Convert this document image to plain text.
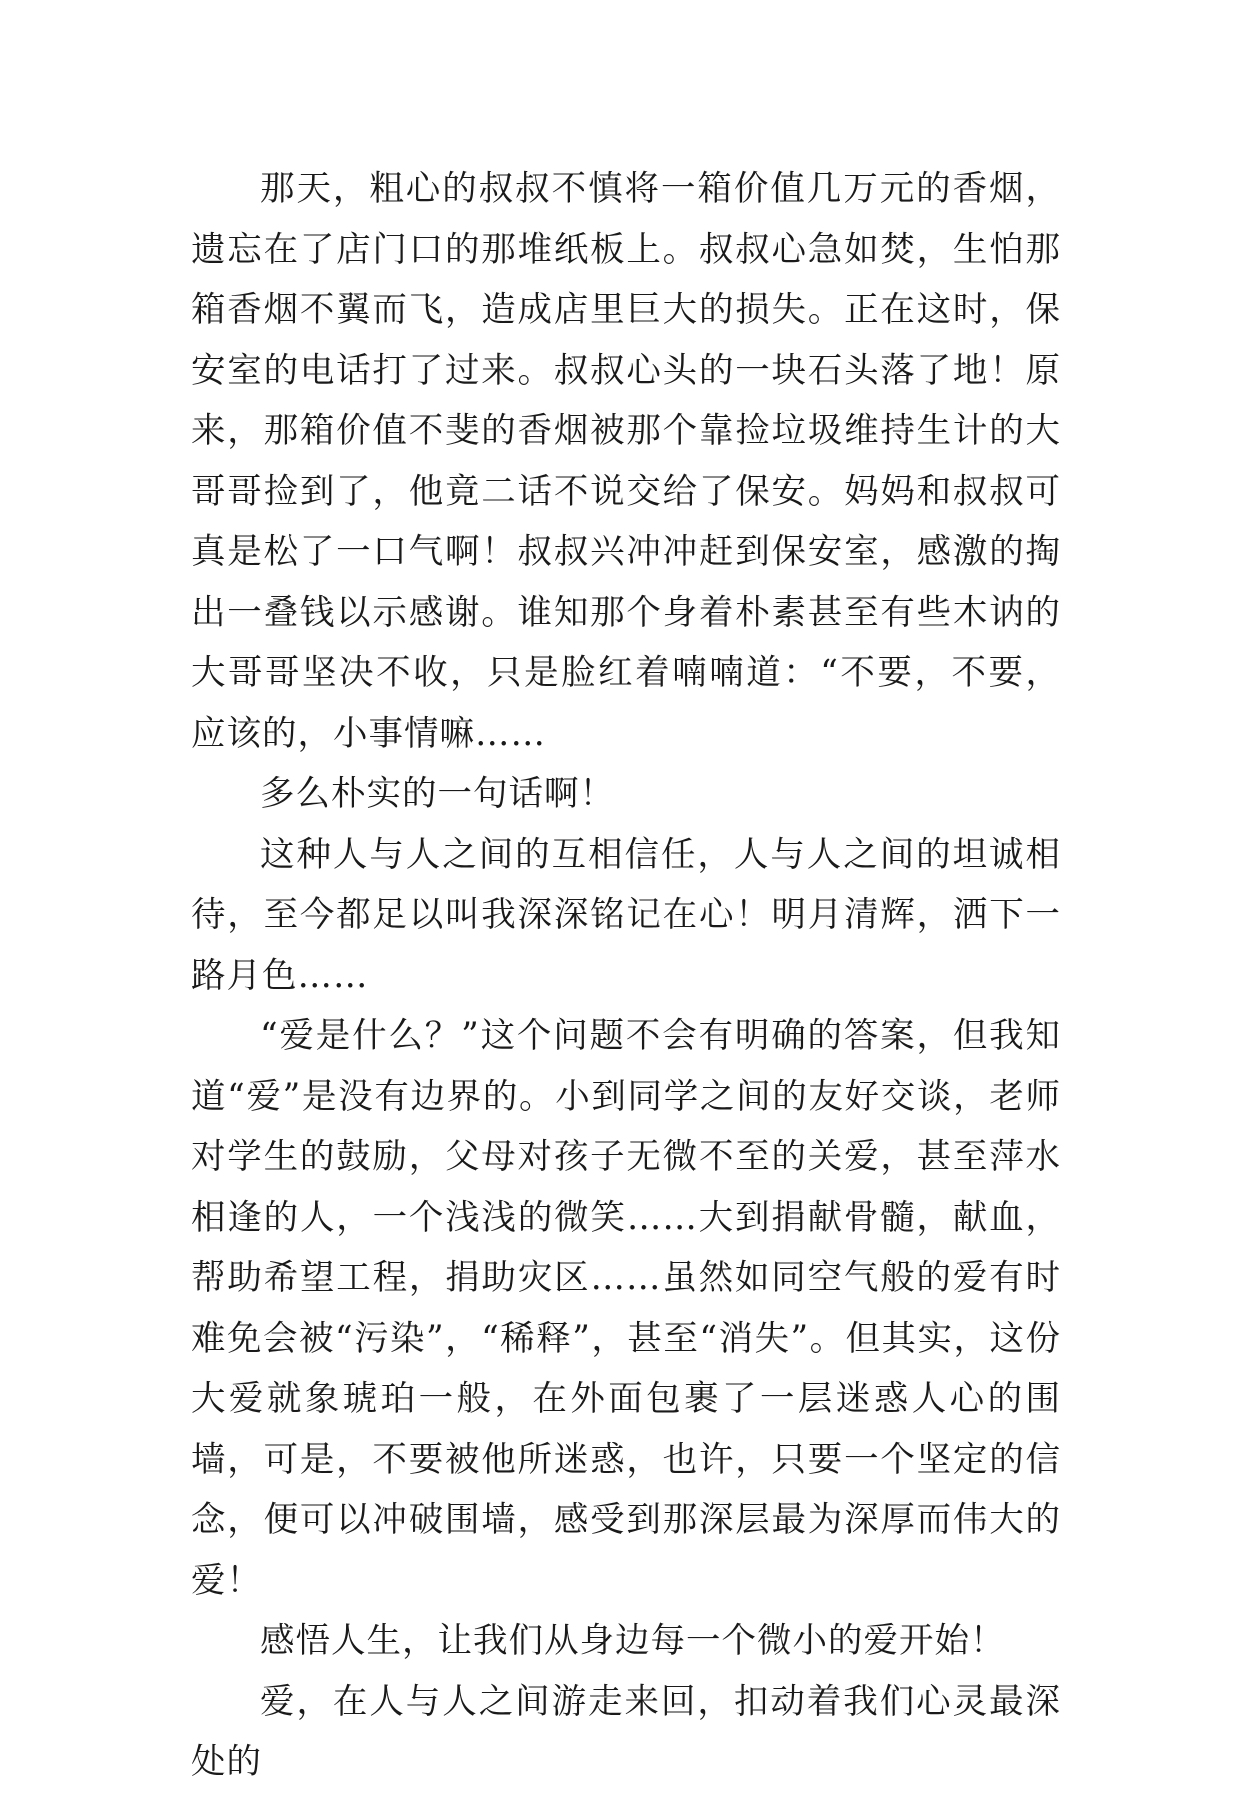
那天，粗心的叔叔不慎将一箱价值几万元的香烟，遗忘在了店门口的那堆纸板上。叔叔心急如焚，生怕那箱香烟不翼而飞，造成店里巨大的损失。正在这时，保安室的电话打了过来。叔叔心头的一块石头落了地！原来，那箱价值不斐的香烟被那个靠捡垃圾维持生计的大哥哥捡到了，他竟二话不说交给了保安。妈妈和叔叔可真是松了一口气啊！叔叔兴冲冲赶到保安室，感激的掏出一叠钱以示感谢。谁知那个身着朴素甚至有些木讷的大哥哥坚决不收，只是脸红着喃喃道：“不要，不要，应该的，小事情嘛……

多么朴实的一句话啊！

这种人与人之间的互相信任，人与人之间的坦诚相待，至今都足以叫我深深铭记在心！明月清辉，洒下一路月色……

“爱是什么？”这个问题不会有明确的答案，但我知道“爱”是没有边界的。小到同学之间的友好交谈，老师对学生的鼓励，父母对孩子无微不至的关爱，甚至萍水相逢的人，一个浅浅的微笑……大到捐献骨髓，献血，帮助希望工程，捐助灾区……虽然如同空气般的爱有时难免会被“污染”，“稀释”，甚至“消失”。但其实，这份大爱就象琥珀一般，在外面包裹了一层迷惑人心的围墙，可是，不要被他所迷惑，也许，只要一个坚定的信念，便可以冲破围墙，感受到那深层最为深厚而伟大的爱！

感悟人生，让我们从身边每一个微小的爱开始！

爱，在人与人之间游走来回，扣动着我们心灵最深处的
